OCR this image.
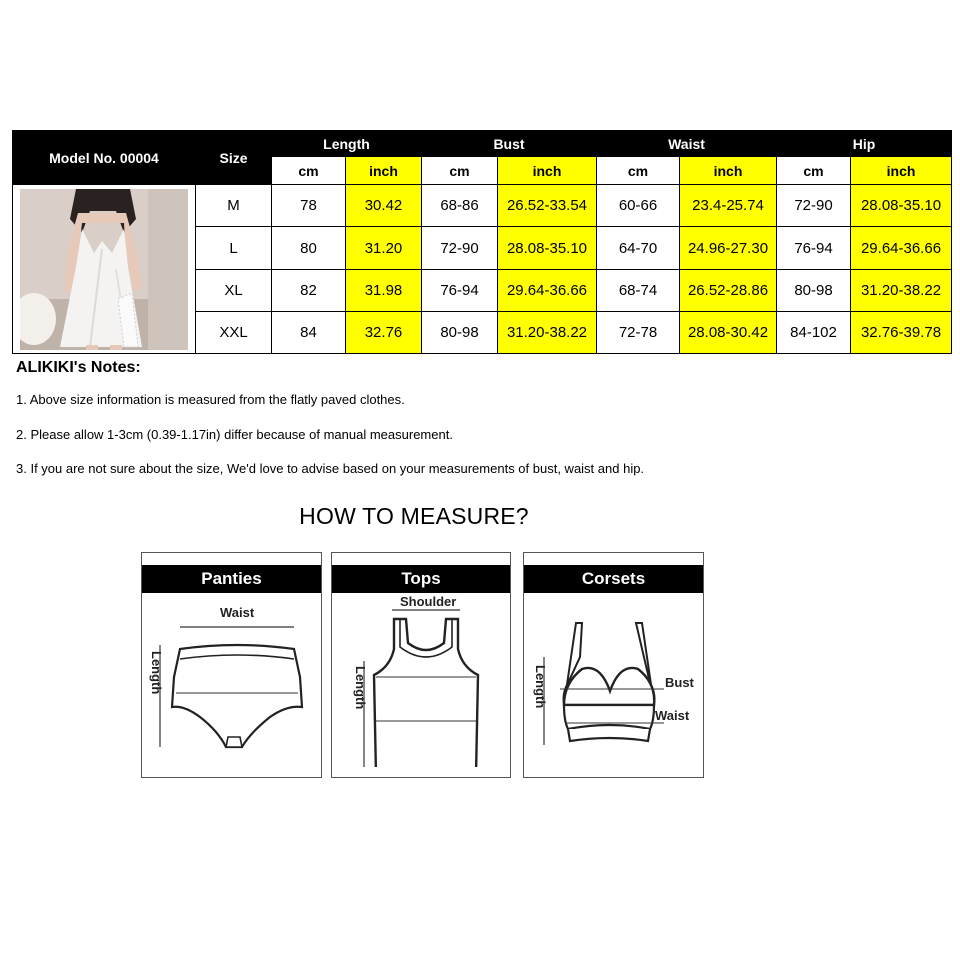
Model No. 00004	Size	Length		Bust		Waist		Hip	
		cm	inch	cm	inch	cm	inch	cm	inch

	M	78	30.42	68-86	26.52-33.54	60-66	23.4-25.74	72-90	28.08-35.10
	L	80	31.20	72-90	28.08-35.10	64-70	24.96-27.30	76-94	29.64-36.66
	XL	82	31.98	76-94	29.64-36.66	68-74	26.52-28.86	80-98	31.20-38.22
	XXL	84	32.76	80-98	31.20-38.22	72-78	28.08-30.42	84-102	32.76-39.78
ALIKIKI's Notes:
1. Above size information is measured from the flatly paved clothes.
2. Please allow 1-3cm (0.39-1.17in) differ because of manual measurement.
3. If you are not sure about the size, We'd love to advise based on your measurements of bust, waist and hip.
HOW TO MEASURE?
Panties
Waist
Length
Tops
Shoulder
Length
Corsets
Bust
Waist
Length
